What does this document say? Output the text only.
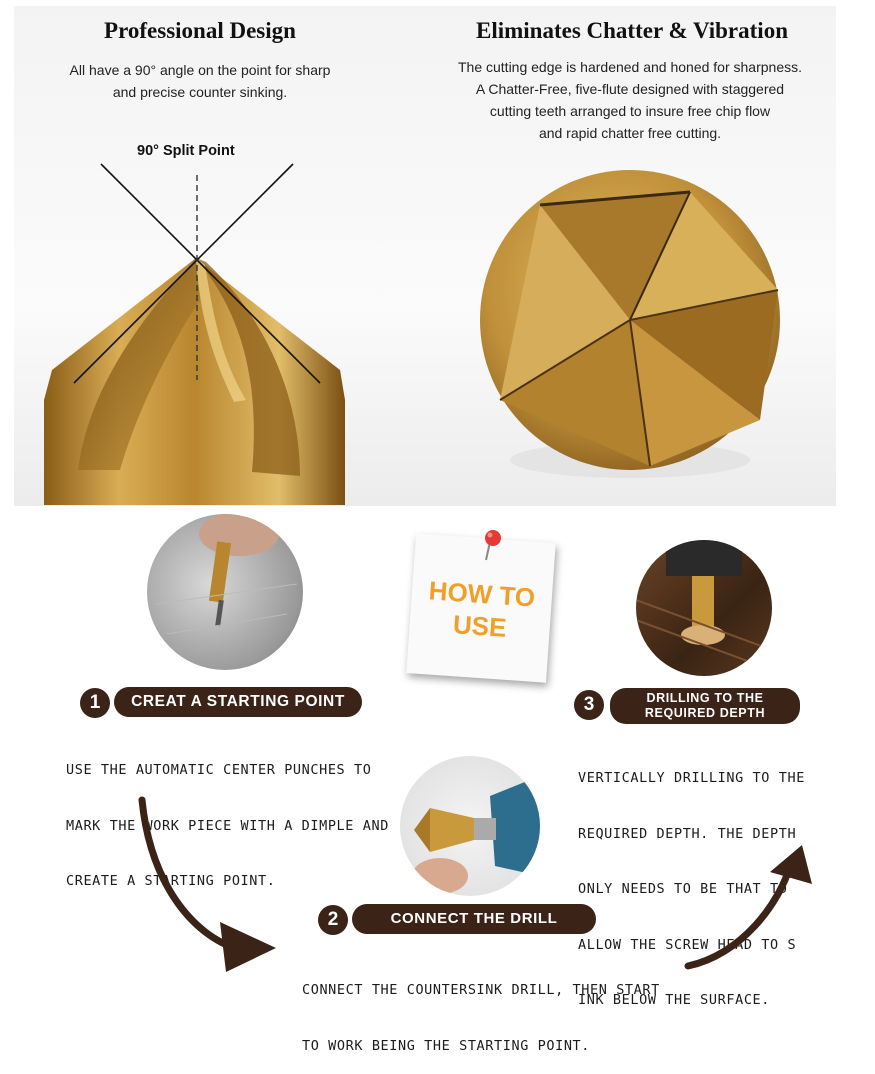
Professional Design
All have a 90° angle on the point for sharp
and precise counter sinking.
90° Split Point
Eliminates Chatter & Vibration
The cutting edge is hardened and honed for sharpness.
A Chatter-Free, five-flute designed with staggered
cutting teeth arranged to insure free chip flow
and rapid chatter free cutting.
HOW TO
USE
1	CREAT A STARTING POINT

USE THE AUTOMATIC CENTER PUNCHES TO

MARK THE WORK PIECE WITH A DIMPLE AND

CREATE A STARTING POINT.

3	DRILLING TO THE
REQUIRED DEPTH

VERTICALLY DRILLING TO THE

REQUIRED DEPTH. THE DEPTH

ONLY NEEDS TO BE THAT TO

ALLOW THE SCREW HEAD TO S

INK BELOW THE SURFACE.

2	CONNECT THE DRILL

CONNECT THE COUNTERSINK DRILL, THEN START

TO WORK BEING THE STARTING POINT.
